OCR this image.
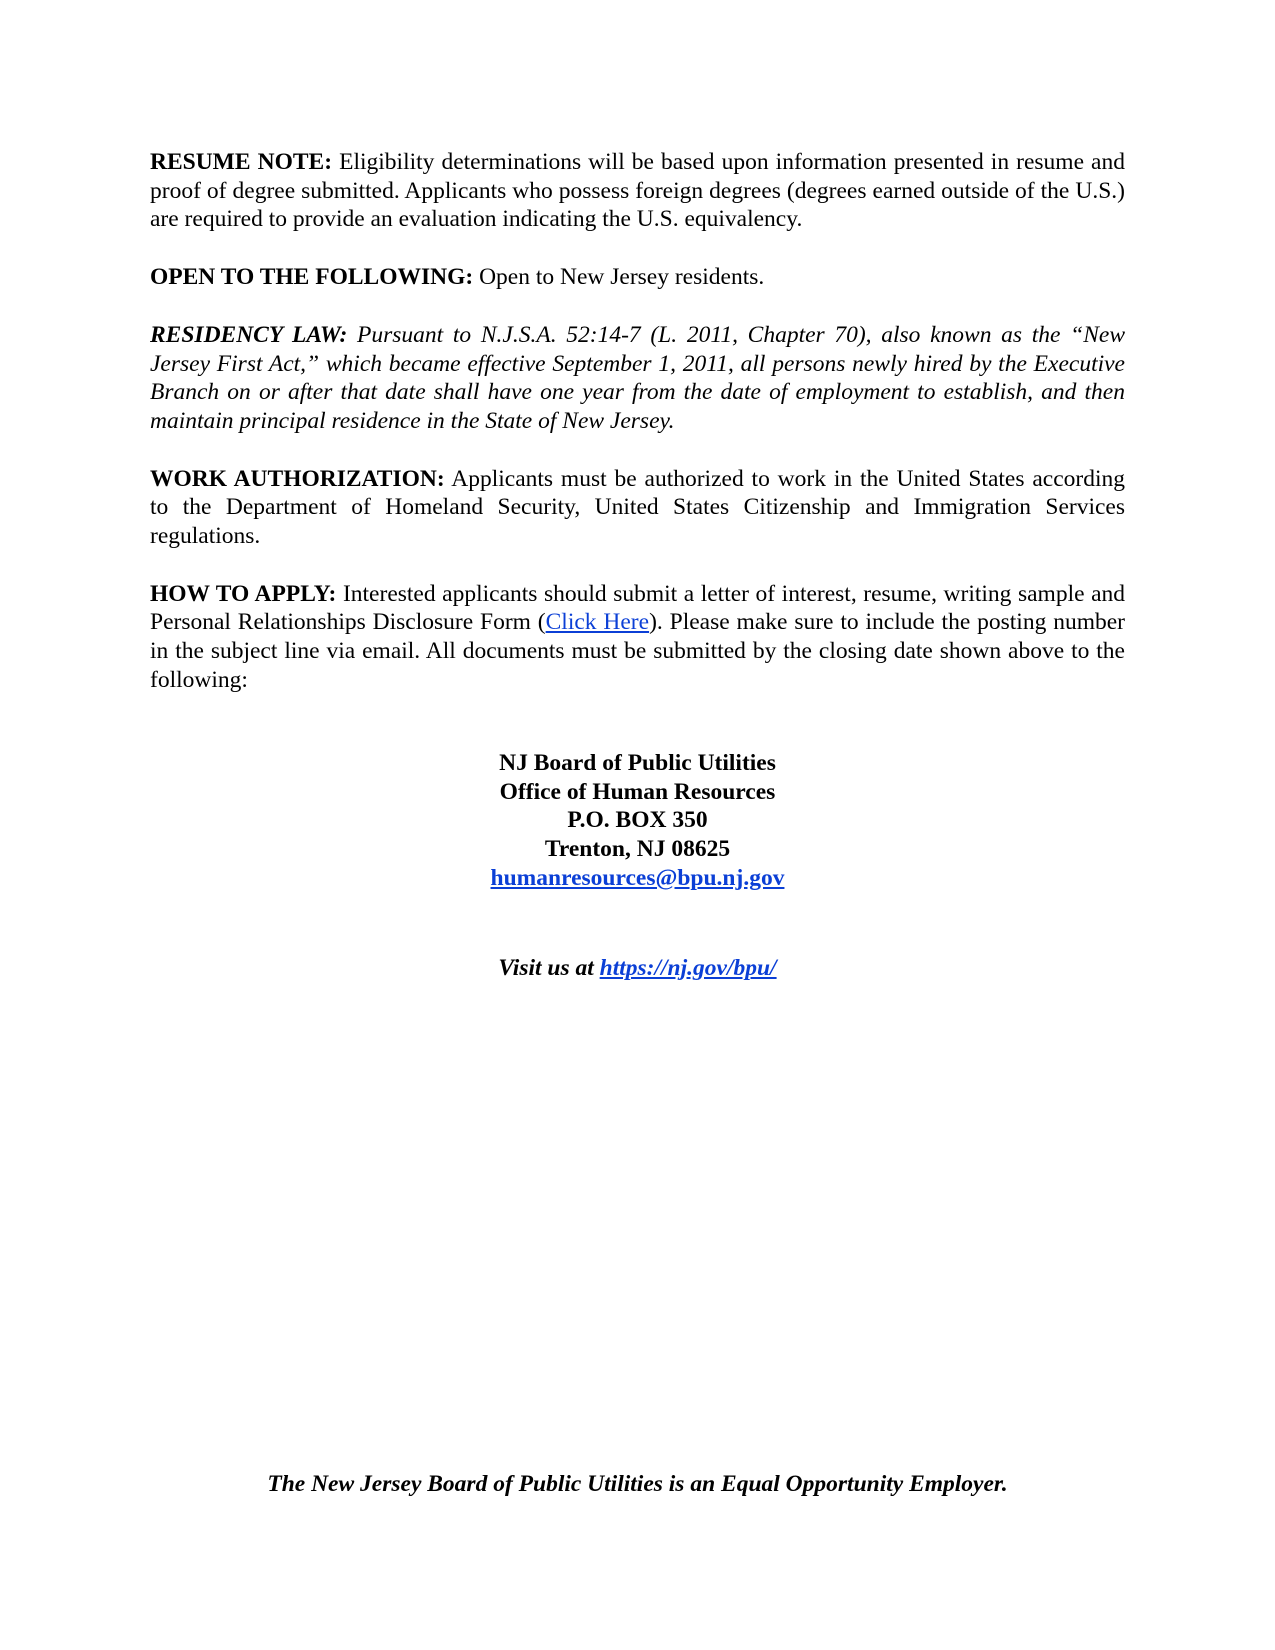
RESUME NOTE: Eligibility determinations will be based upon information presented in resume and proof of degree submitted. Applicants who possess foreign degrees (degrees earned outside of the U.S.) are required to provide an evaluation indicating the U.S. equivalency.

OPEN TO THE FOLLOWING: Open to New Jersey residents.

RESIDENCY LAW: Pursuant to N.J.S.A. 52:14-7 (L. 2011, Chapter 70), also known as the “New Jersey First Act,” which became effective September 1, 2011, all persons newly hired by the Executive Branch on or after that date shall have one year from the date of employment to establish, and then maintain principal residence in the State of New Jersey.

WORK AUTHORIZATION: Applicants must be authorized to work in the United States according to the Department of Homeland Security, United States Citizenship and Immigration Services regulations.

HOW TO APPLY: Interested applicants should submit a letter of interest, resume, writing sample and Personal Relationships Disclosure Form (Click Here). Please make sure to include the posting number in the subject line via email. All documents must be submitted by the closing date shown above to the following:

NJ Board of Public Utilities
Office of Human Resources
P.O. BOX 350
Trenton, NJ 08625
humanresources@bpu.nj.gov
Visit us at https://nj.gov/bpu/
The New Jersey Board of Public Utilities is an Equal Opportunity Employer.
